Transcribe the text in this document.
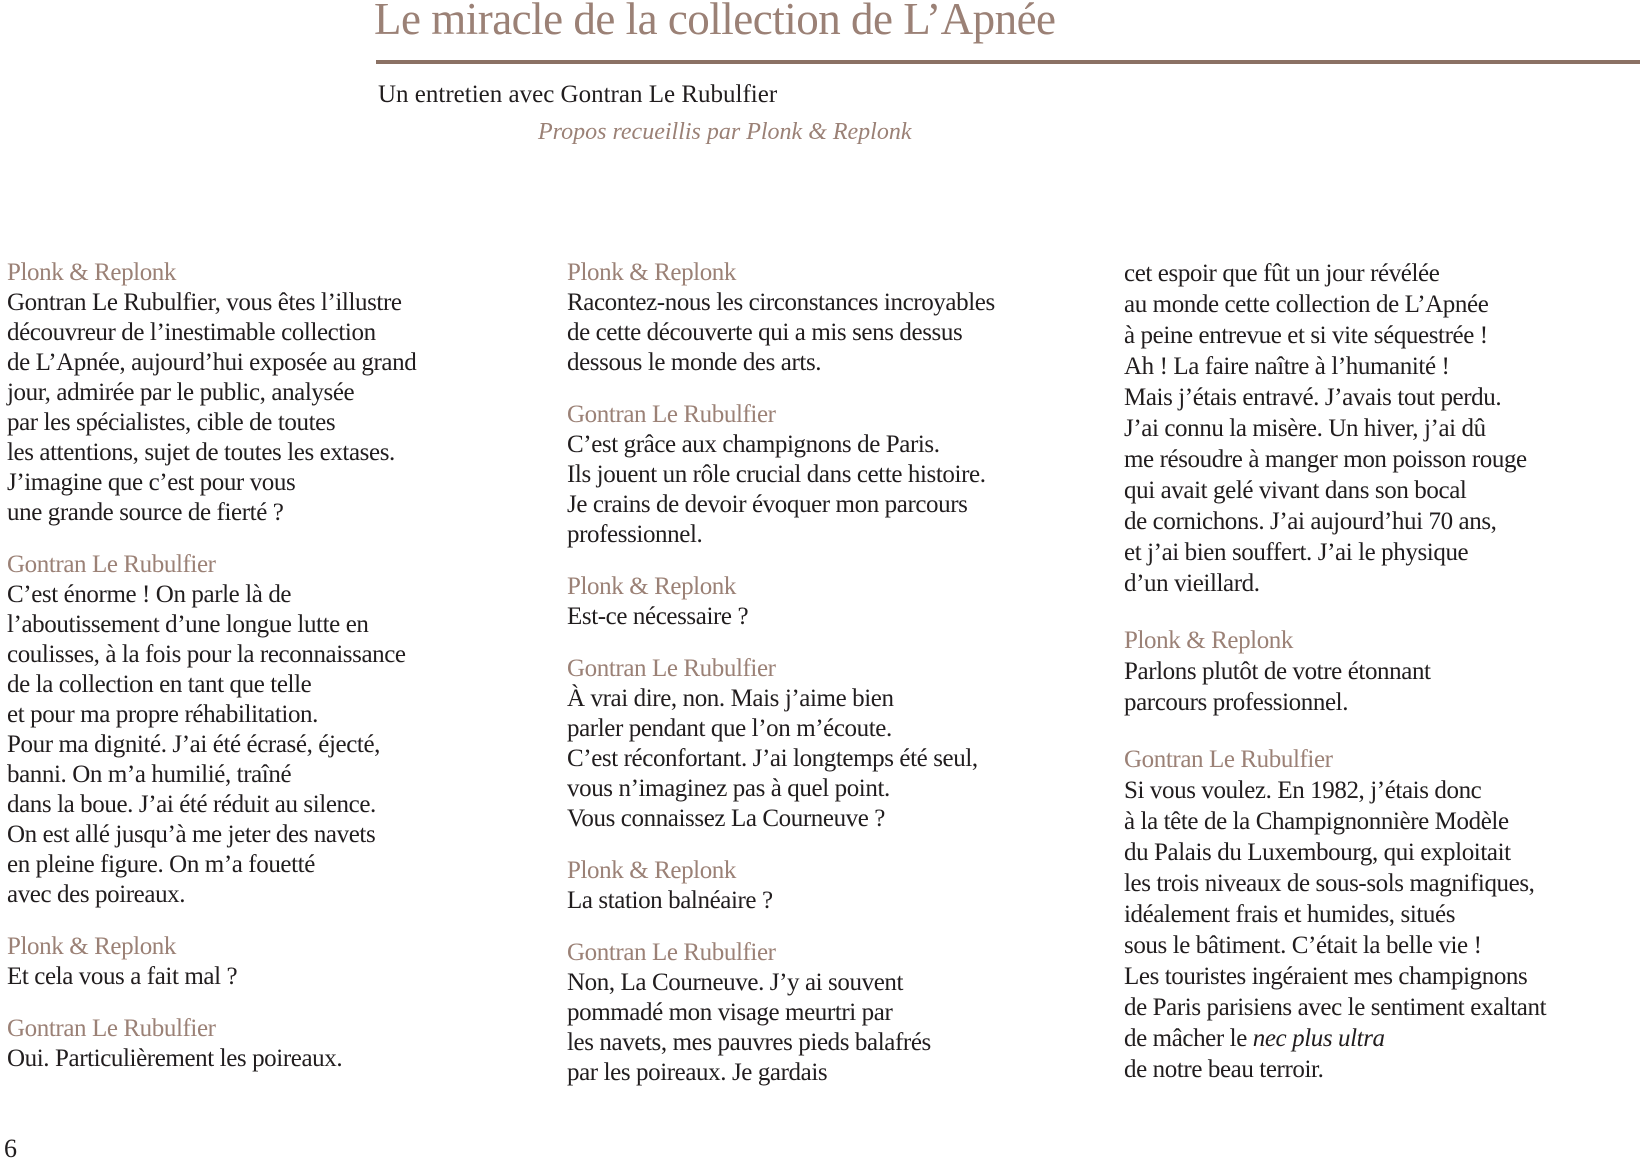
Le miracle de la collection de L’Apnée
Un entretien avec Gontran Le Rubulfier
Propos recueillis par Plonk & Replonk
Plonk & Replonk
Gontran Le Rubulfier, vous êtes l’illustre
découvreur de l’inestimable collection
de L’Apnée, aujourd’hui exposée au grand
jour, admirée par le public, analysée
par les spécialistes, cible de toutes
les attentions, sujet de toutes les extases.
J’imagine que c’est pour vous
une grande source de fierté ?
Gontran Le Rubulfier
C’est énorme ! On parle là de
l’aboutissement d’une longue lutte en
coulisses, à la fois pour la reconnaissance
de la collection en tant que telle
et pour ma propre réhabilitation.
Pour ma dignité. J’ai été écrasé, éjecté,
banni. On m’a humilié, traîné
dans la boue. J’ai été réduit au silence.
On est allé jusqu’à me jeter des navets
en pleine figure. On m’a fouetté
avec des poireaux.
Plonk & Replonk
Et cela vous a fait mal ?
Gontran Le Rubulfier
Oui. Particulièrement les poireaux.
Plonk & Replonk
Racontez-nous les circonstances incroyables
de cette découverte qui a mis sens dessus
dessous le monde des arts.
Gontran Le Rubulfier
C’est grâce aux champignons de Paris.
Ils jouent un rôle crucial dans cette histoire.
Je crains de devoir évoquer mon parcours
professionnel.
Plonk & Replonk
Est-ce nécessaire ?
Gontran Le Rubulfier
À vrai dire, non. Mais j’aime bien
parler pendant que l’on m’écoute.
C’est réconfortant. J’ai longtemps été seul,
vous n’imaginez pas à quel point.
Vous connaissez La Courneuve ?
Plonk & Replonk
La station balnéaire ?
Gontran Le Rubulfier
Non, La Courneuve. J’y ai souvent
pommadé mon visage meurtri par
les navets, mes pauvres pieds balafrés
par les poireaux. Je gardais
cet espoir que fût un jour révélée
au monde cette collection de L’Apnée
à peine entrevue et si vite séquestrée !
Ah ! La faire naître à l’humanité !
Mais j’étais entravé. J’avais tout perdu.
J’ai connu la misère. Un hiver, j’ai dû
me résoudre à manger mon poisson rouge
qui avait gelé vivant dans son bocal
de cornichons. J’ai aujourd’hui 70 ans,
et j’ai bien souffert. J’ai le physique
d’un vieillard.
Plonk & Replonk
Parlons plutôt de votre étonnant
parcours professionnel.
Gontran Le Rubulfier
Si vous voulez. En 1982, j’étais donc
à la tête de la Champignonnière Modèle
du Palais du Luxembourg, qui exploitait
les trois niveaux de sous-sols magnifiques,
idéalement frais et humides, situés
sous le bâtiment. C’était la belle vie !
Les touristes ingéraient mes champignons
de Paris parisiens avec le sentiment exaltant
de mâcher le nec plus ultra
de notre beau terroir.
6
